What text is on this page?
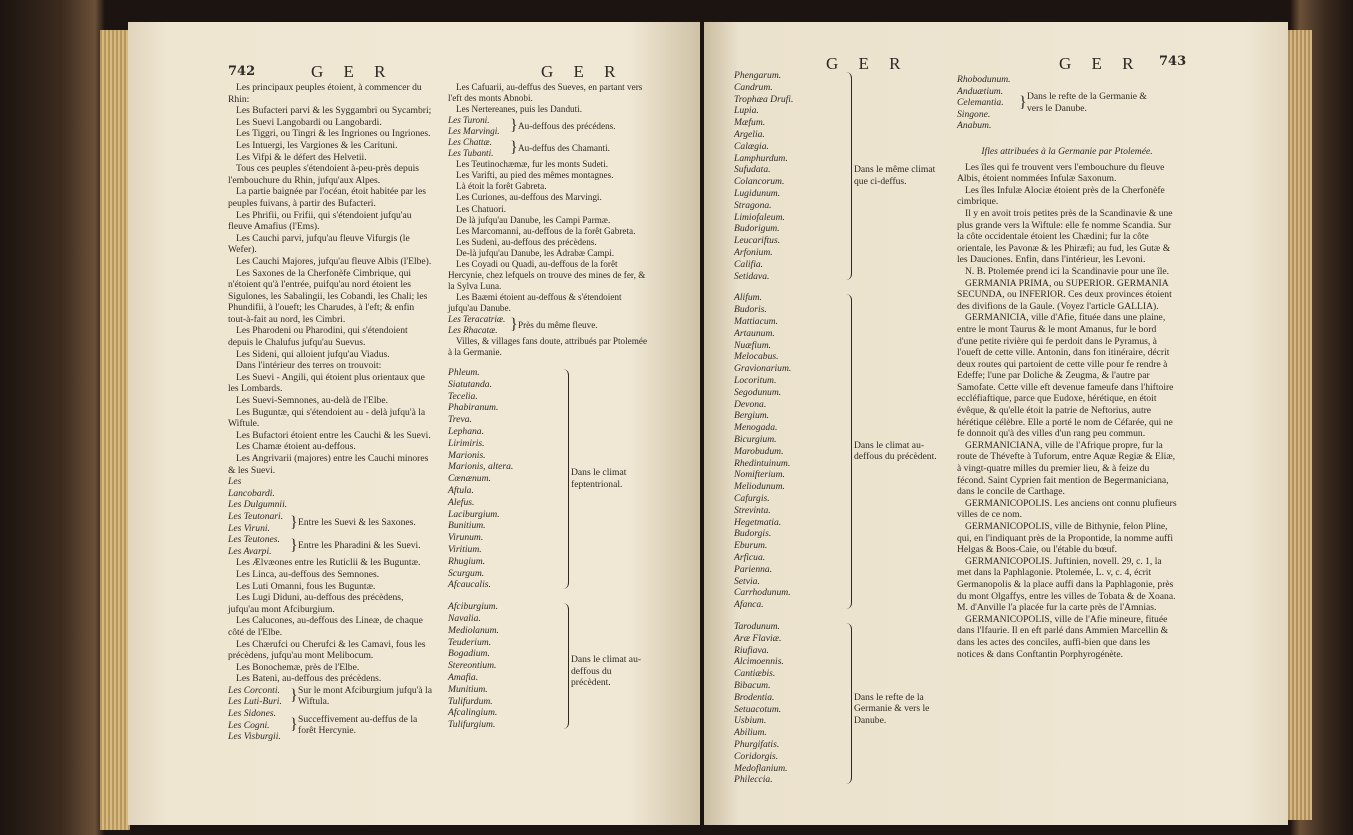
742	G E R	G E R

Les principaux peuples étoient, à commencer du Rhin:

Les Bufacteri parvi & les Syggambri ou Sycambri;

Les Suevi Langobardi ou Langobardi.

Les Tiggri, ou Tingri & les Ingriones ou Ingriones.

Les Intuergi, les Vargiones & les Carituni.

Les Vifpi & le défert des Helvetii.

Tous ces peuples s'étendoient à-peu-près depuis l'embouchure du Rhin, jufqu'aux Alpes.

La partie baignée par l'océan, étoit habitée par les peuples fuivans, à partir des Bufacteri.

Les Phrifii, ou Frifii, qui s'étendoient jufqu'au fleuve Amafius (l'Ems).

Les Cauchi parvi, jufqu'au fleuve Vifurgis (le Wefer).

Les Cauchi Majores, jufqu'au fleuve Albis (l'Elbe).

Les Saxones de la Cherfonèfe Cimbrique, qui n'étoient qu'à l'entrée, puifqu'au nord étoient les Sigulones, les Sabalingii, les Cobandi, les Chali; les Phundifii, à l'oueft; les Charudes, à l'eft; & enfin tout-à-fait au nord, les Cimbri.

Les Pharodeni ou Pharodini, qui s'étendoient depuis le Chalufus jufqu'au Suevus.

Les Sideni, qui alloient jufqu'au Viadus.

Dans l'intérieur des terres on trouvoit:

Les Suevi - Angili, qui étoient plus orientaux que les Lombards.

Les Suevi-Semnones, au-delà de l'Elbe.

Les Buguntæ, qui s'étendoient au - delà jufqu'à la Wiftule.

Les Bufactori étoient entre les Cauchi & les Suevi.

Les Chamæ étoient au-deffous.

Les Angrivarii (majores) entre les Cauchi minores & les Suevi.

Les Lancobardi.
Les Dulgumnii.
Les Teutonari.
Les Viruni.	} Entre les Suevi & les Saxones.
Les Teutones.
Les Avarpi.	} Entre les Pharadini & les Suevi.

Les Ælvæones entre les Ruticlii & les Buguntæ.

Les Linca, au-deffous des Semnones.

Les Luti Omanni, fous les Buguntæ.

Les Lugi Diduni, au-deffous des précèdens, jufqu'au mont Afciburgium.

Les Calucones, au-deffous des Lineæ, de chaque côté de l'Elbe.

Les Chærufci ou Cherufci & les Camavi, fous les précèdens, jufqu'au mont Melibocum.

Les Bonochemæ, près de l'Elbe.

Les Bateni, au-deffous des précèdens.

Les Corconti.
Les Luti-Buri. } Sur le mont Afciburgium jufqu'à la Wiftula.
Les Sidones.
Les Cogni.
Les Visburgii.
} Succeffivement au-deffus de la forêt Hercynie.

Les Cafuarii, au-deffus des Sueves, en partant vers l'eft des monts Abnobi.

Les Nertereanes, puis les Danduti.

Les Turoni.
Les Marvingi. } Au-deffous des précédens.
Les Chattæ.
Les Tubanti.	} Au-deffus des Chamanti.

Les Teutinochæmæ, fur les monts Sudeti.

Les Varifti, au pied des mêmes montagnes.

Là étoit la forêt Gabreta.

Les Curiones, au-deffous des Marvingi.

Les Chatuori.

De là jufqu'au Danube, les Campi Parmæ.

Les Marcomanni, au-deffous de la forêt Gabreta.

Les Sudeni, au-deffous des précèdens.

De-là jufqu'au Danube, les Adrabæ Campi.

Les Coyadi ou Quadi, au-deffous de la forêt Hercynie, chez lefquels on trouve des mines de fer, & la Sylva Luna.

Les Baæmi étoient au-deffous & s'étendoient jufqu'au Danube.

Les Teracatriæ.
Les Rhacatæ. } Près du même fleuve.

Villes, & villages fans doute, attribués par Ptolemée à la Germanie.

Phleum.
Siatutanda.
Tecelia.
Phabiranum.
Treva.
Lephana.
Lirimiris.
Marionis.
Marionis, altera.
Cœnænum.
Aftula.
Alefus.
Laciburgium.
Bunitium.
Virunum.
Viritium.
Rhugium.
Scurgum.
Afcaucalis.
Dans le climat feptentrional.
Afciburgium.
Navalia.
Mediolanum.
Teuderium.
Bogadium.
Stereontium.
Amafia.
Munitium.
Tulifurdum.
Afcalingium.
Tulifurgium.
Dans le climat au-deffous du précèdent.
G E R	G E R 743
Phengarum.
Candrum.
Trophæa Drufi.
Lupia.
Mæfum.
Argelia.
Calægia.
Lamphurdum.
Sufudata.
Colancorum.
Lugidunum.
Stragona.
Limiofaleum.
Budorigum.
Leucariftus.
Arfonium.
Califia.
Setidava.
Dans le même climat que ci-deffus.
Alifum.
Budoris.
Mattiacum.
Artaunum.
Nuæfium.
Melocabus.
Gravionarium.
Locoritum.
Segodunum.
Devona.
Bergium.
Menogada.
Bicurgium.
Marobudum.
Rhedintuinum.
Nomifterium.
Meliodunum.
Cafurgis.
Strevinta.
Hegetmatia.
Budorgis.
Eburum.
Arficua.
Parienna.
Setvia.
Carrhodunum.
Afanca.
Dans le climat au-deffous du précèdent.
Tarodunum.
Aræ Flaviæ.
Riufiava.
Alcimoennis.
Cantiæbis.
Bibacum.
Brodentia.
Setuacotum.
Usbium.
Abilium.
Phurgifatis.
Coridorgis.
Medoflanium.
Phileccia.
Dans le refte de la Germanie & vers le Danube.
Rhobodunum.
Anduætium.
Celemantia.
Singone.
Anabum.
} Dans le refte de la Germanie & vers le Danube.
Ifles attribuées à la Germanie par Ptolemée.

Les îles qui fe trouvent vers l'embouchure du fleuve Albis, étoient nommées Infulæ Saxonum.

Les îles Infulæ Alociæ étoient près de la Cherfonèfe cimbrique.

Il y en avoit trois petites près de la Scandinavie & une plus grande vers la Wiftule: elle fe nomme Scandia. Sur la côte occidentale étoient les Chædini; fur la côte orientale, les Pavonæ & les Phiræfi; au fud, les Gutæ & les Dauciones. Enfin, dans l'intérieur, les Levoni.

N. B. Ptolemée prend ici la Scandinavie pour une île.

GERMANIA PRIMA, ou SUPERIOR. GERMANIA SECUNDA, ou INFERIOR. Ces deux provinces étoient des divifions de la Gaule. (Voyez l'article GALLIA).

GERMANICIA, ville d'Afie, fituée dans une plaine, entre le mont Taurus & le mont Amanus, fur le bord d'une petite rivière qui fe perdoit dans le Pyramus, à l'oueft de cette ville. Antonin, dans fon itinéraire, décrit deux routes qui partoient de cette ville pour fe rendre à Edeffe; l'une par Doliche & Zeugma, & l'autre par Samofate. Cette ville eft devenue fameufe dans l'hiftoire eccléfiaftique, parce que Eudoxe, hérétique, en étoit évêque, & qu'elle étoit la patrie de Neftorius, autre hérétique célèbre. Elle a porté le nom de Céfarée, qui ne fe donnoit qu'à des villes d'un rang peu commun.

GERMANICIANA, ville de l'Afrique propre, fur la route de Thévefte à Tuforum, entre Aquæ Regiæ & Eliæ, à vingt-quatre milles du premier lieu, & à feize du fécond. Saint Cyprien fait mention de Begermaniciana, dans le concile de Carthage.

GERMANICOPOLIS. Les anciens ont connu plufieurs villes de ce nom.

GERMANICOPOLIS, ville de Bithynie, felon Pline, qui, en l'indiquant près de la Propontide, la nomme auffi Helgas & Boos-Caie, ou l'étable du bœuf.

GERMANICOPOLIS. Juftinien, novell. 29, c. 1, la met dans la Paphlagonie. Ptolemée, L. v, c. 4, écrit Germanopolis & la place auffi dans la Paphlagonie, près du mont Olgaffys, entre les villes de Tobata & de Xoana. M. d'Anville l'a placée fur la carte près de l'Amnias.

GERMANICOPOLIS, ville de l'Afie mineure, fituée dans l'Ifaurie. Il en eft parlé dans Ammien Marcellin & dans les actes des conciles, auffi-bien que dans les notices & dans Conftantin Porphyrogénète.
